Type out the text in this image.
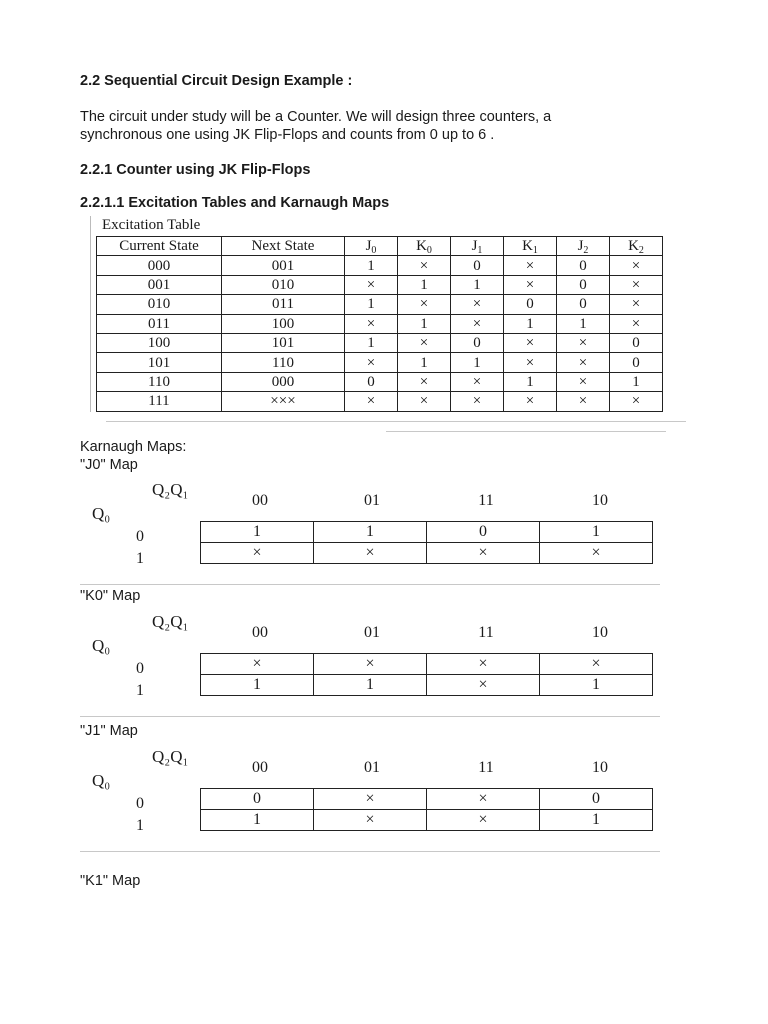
2.2 Sequential Circuit Design Example :
The circuit under study will be a Counter. We will design three counters, a
synchronous one using JK Flip-Flops and counts from 0 up to 6 .
2.2.1 Counter using JK Flip-Flops
2.2.1.1 Excitation Tables and Karnaugh Maps
Excitation Table
Current State	Next State	$J_0$	$K_0$	$J_1$	$K_1$	$J_2$	$K_2$
000	001	1	×	0	×	0	×
001	010	×	1	1	×	0	×
010	011	1	×	×	0	0	×
011	100	×	1	×	1	1	×
100	101	1	×	0	×	×	0
101	110	×	1	1	×	×	0
110	000	0	×	×	1	×	1
111	×××	×	×	×	×	×	×
Karnaugh Maps:
"J0" Map
"K0" Map
"J1" Map
"K1" Map
Q₂Q₁
Q₀
0
1
00	01	11	10
1	1	0	1
×	×	×	×
Q₂Q₁
Q₀
0
1
00	01	11	10
×	×	×	×
1	1	×	1
Q₂Q₁
Q₀
0
1
00	01	11	10
0	×	×	0
1	×	×	1
